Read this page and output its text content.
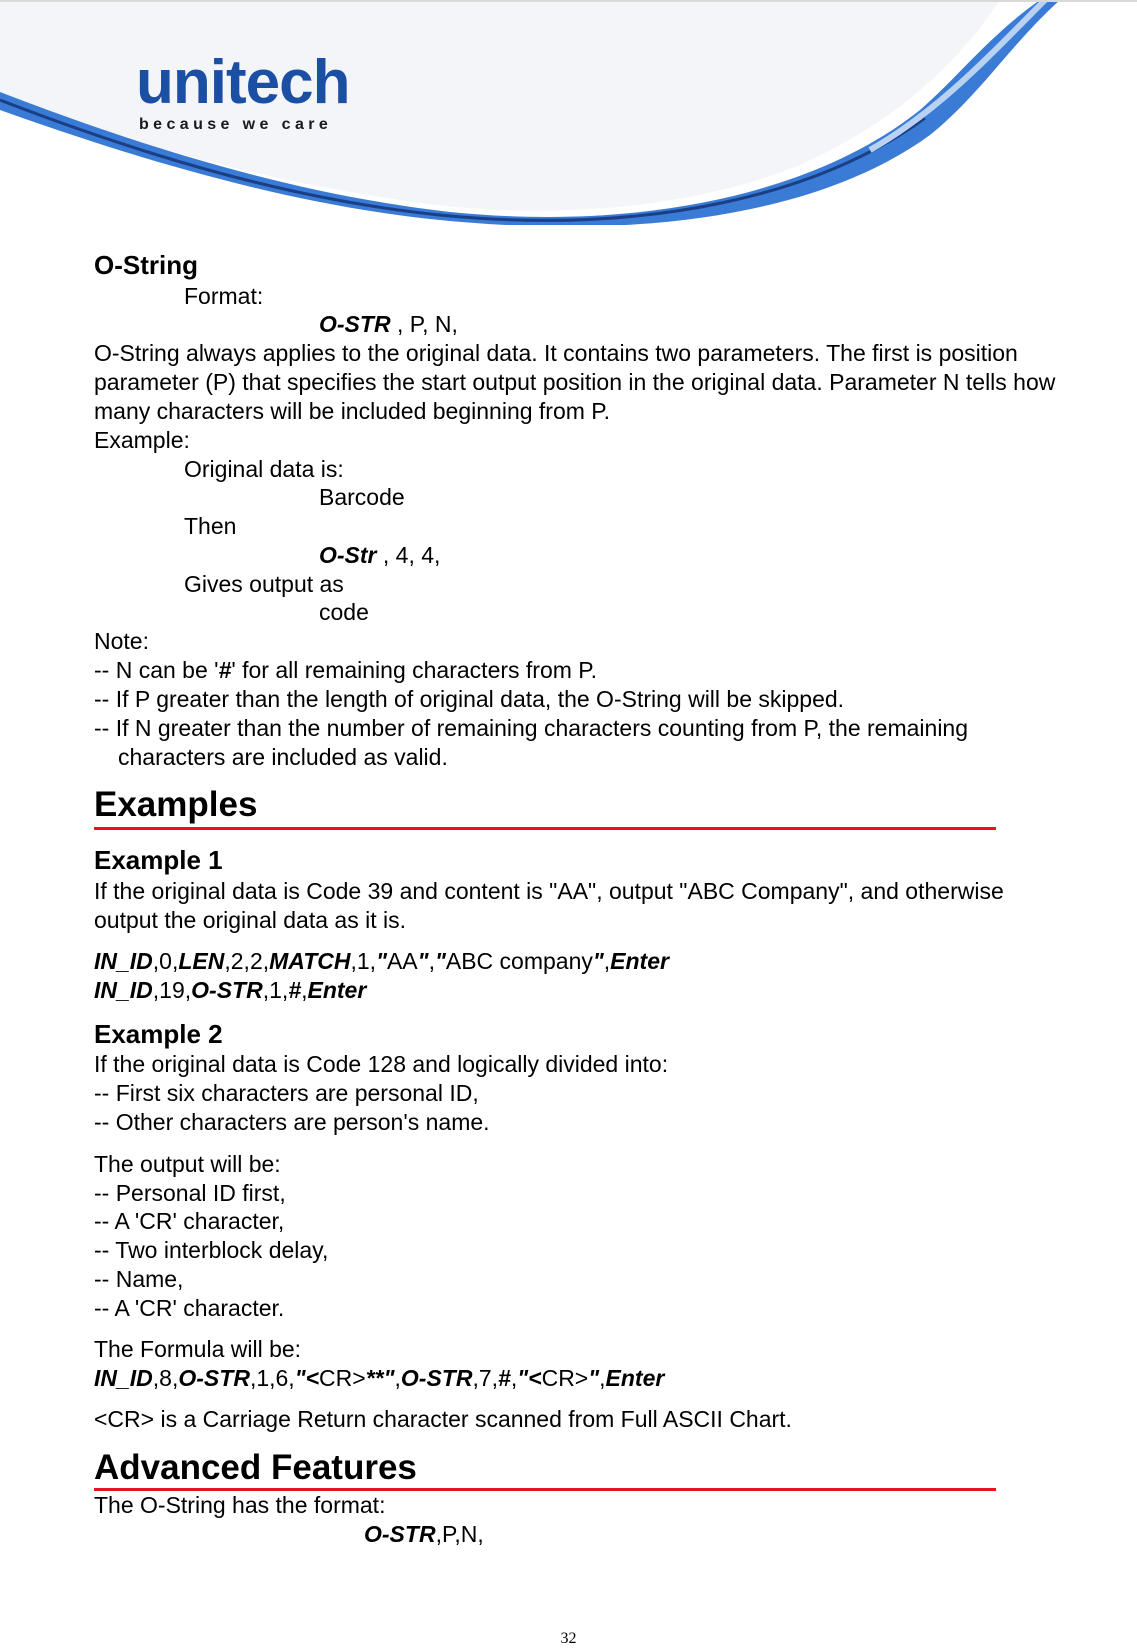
unitech
because we care
O-String
Format:
O-STR , P, N,
O-String always applies to the original data. It contains two parameters. The first is position
parameter (P) that specifies the start output position in the original data. Parameter N tells how
many characters will be included beginning from P.
Example:
Original data is:
Barcode
Then
O-Str , 4, 4,
Gives output as
code
Note:
-- N can be '#' for all remaining characters from P.
-- If P greater than the length of original data, the O-String will be skipped.
-- If N greater than the number of remaining characters counting from P, the remaining
characters are included as valid.
Examples
Example 1
If the original data is Code 39 and content is "AA", output "ABC Company", and otherwise
output the original data as it is.
IN_ID,0,LEN,2,2,MATCH,1,"AA","ABC company",Enter
IN_ID,19,O-STR,1,#,Enter
Example 2
If the original data is Code 128 and logically divided into:
-- First six characters are personal ID,
-- Other characters are person's name.
The output will be:
-- Personal ID first,
-- A 'CR' character,
-- Two interblock delay,
-- Name,
-- A 'CR' character.
The Formula will be:
IN_ID,8,O-STR,1,6,"<CR>**",O-STR,7,#,"<CR>",Enter
<CR> is a Carriage Return character scanned from Full ASCII Chart.
Advanced Features
The O-String has the format:
O-STR,P,N,
32
